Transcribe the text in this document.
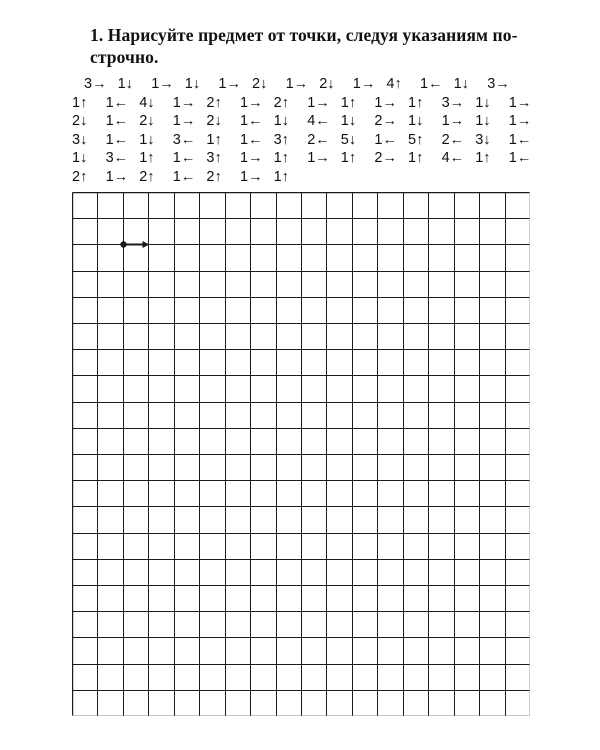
1. Нарисуйте предмет от точки, следуя указаниям по-
строчно.
3→ 1↓ 1→ 1↓ 1→ 2↓ 1→ 2↓ 1→ 4↑ 1← 1↓ 3→
1↑ 1← 4↓ 1→ 2↑ 1→ 2↑ 1→ 1↑ 1→ 1↑ 3→ 1↓ 1→
2↓ 1← 2↓ 1→ 2↓ 1← 1↓ 4← 1↓ 2→ 1↓ 1→ 1↓ 1→
3↓ 1← 1↓ 3← 1↑ 1← 3↑ 2← 5↓ 1← 5↑ 2← 3↓ 1←
1↓ 3← 1↑ 1← 3↑ 1→ 1↑ 1→ 1↑ 2→ 1↑ 4← 1↑ 1←
2↑ 1→ 2↑ 1← 2↑ 1→ 1↑
